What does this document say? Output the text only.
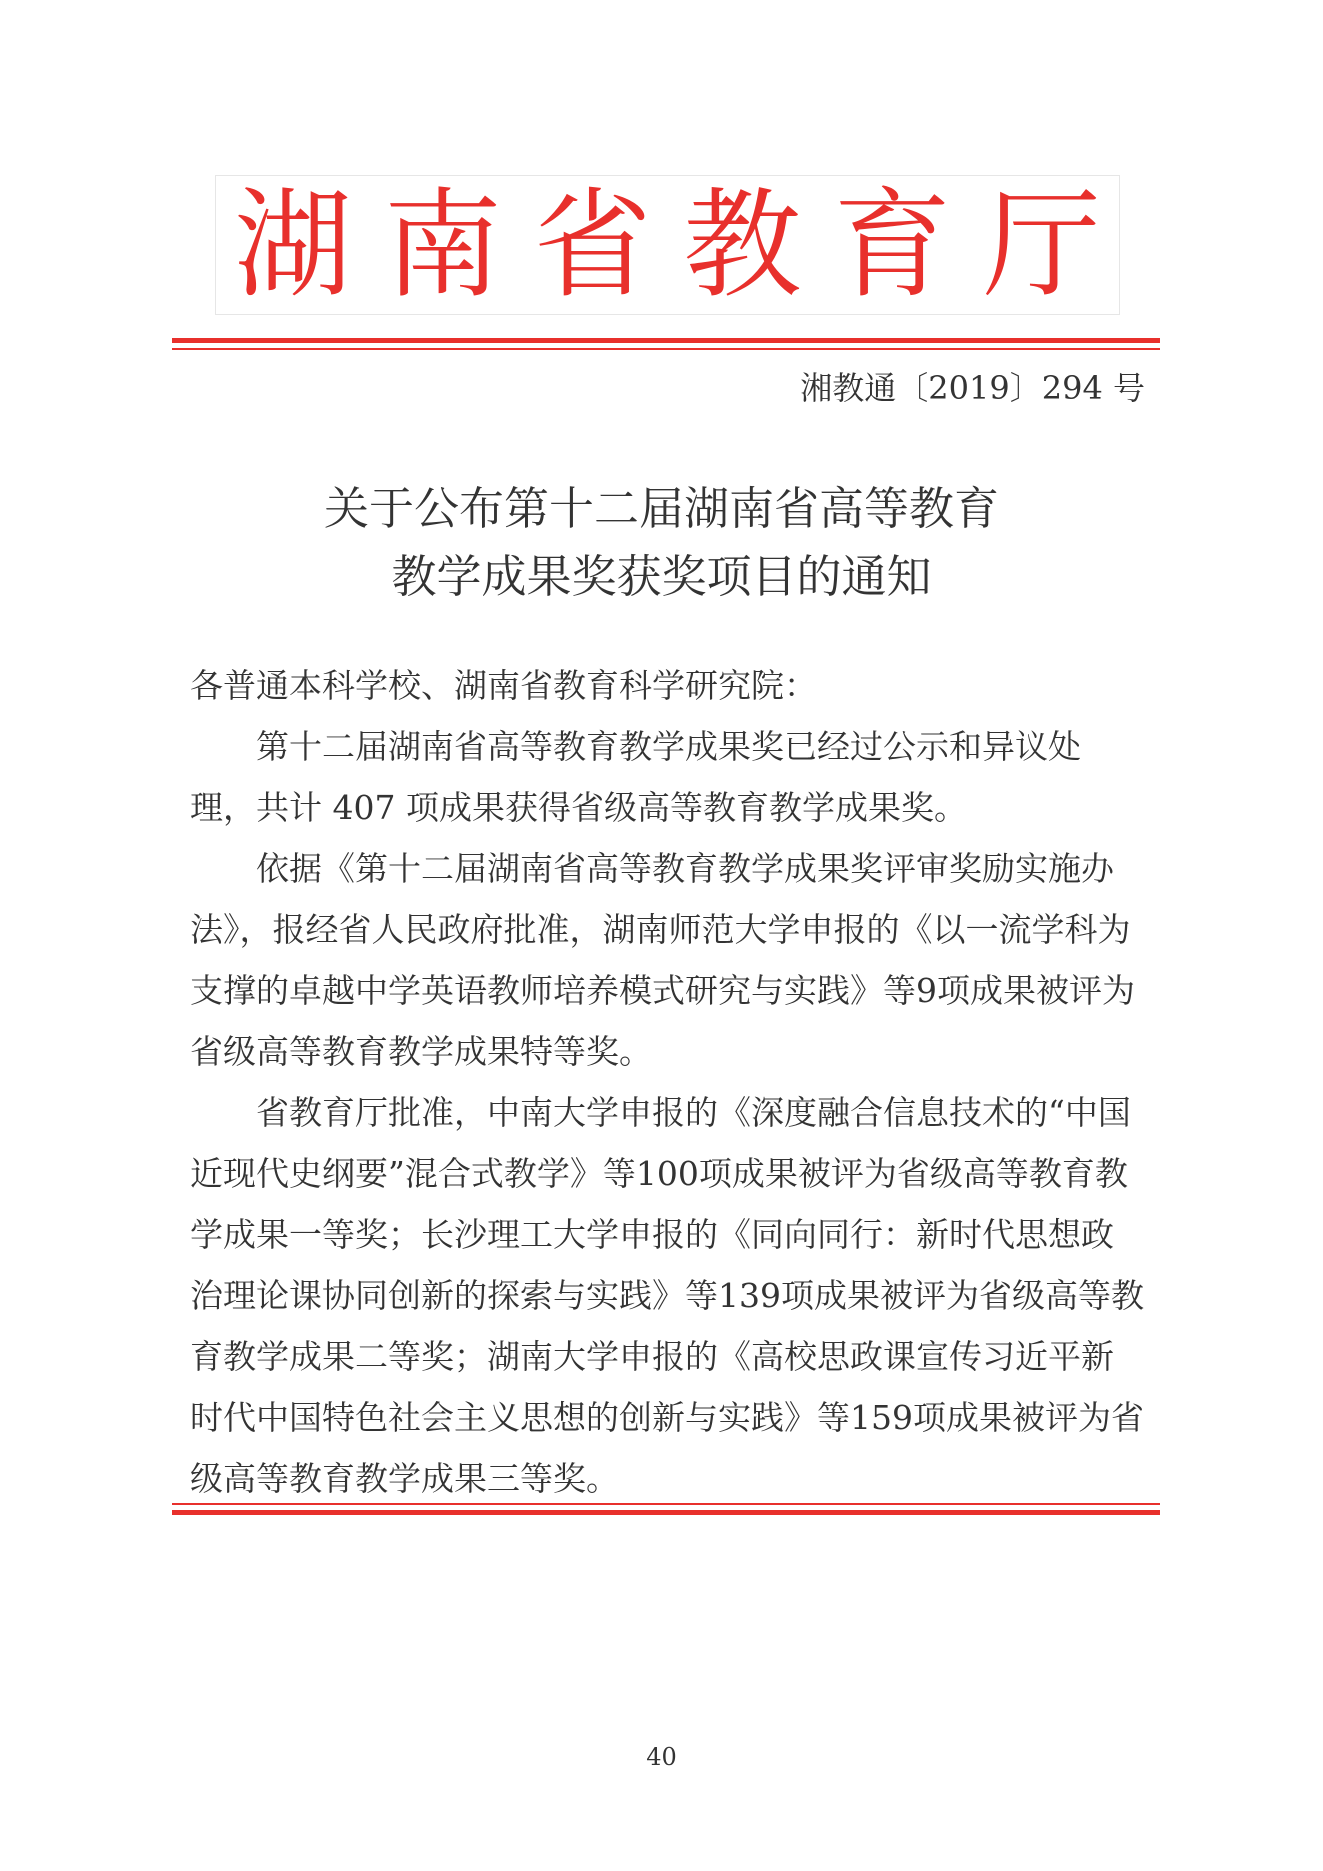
湖 南 省 教 育 厅
湘教通〔2019〕294 号
关于公布第十二届湖南省高等教育
教学成果奖获奖项目的通知

各普通本科学校、湖南省教育科学研究院：

第十二届湖南省高等教育教学成果奖已经过公示和异议处理，共计 407 项成果获得省级高等教育教学成果奖。

依据《第十二届湖南省高等教育教学成果奖评审奖励实施办法》，报经省人民政府批准，湖南师范大学申报的《以一流学科为支撑的卓越中学英语教师培养模式研究与实践》等9项成果被评为省级高等教育教学成果特等奖。

省教育厅批准，中南大学申报的《深度融合信息技术的“中国近现代史纲要”混合式教学》等100项成果被评为省级高等教育教学成果一等奖；长沙理工大学申报的《同向同行：新时代思想政治理论课协同创新的探索与实践》等139项成果被评为省级高等教育教学成果二等奖；湖南大学申报的《高校思政课宣传习近平新时代中国特色社会主义思想的创新与实践》等159项成果被评为省级高等教育教学成果三等奖。

40
